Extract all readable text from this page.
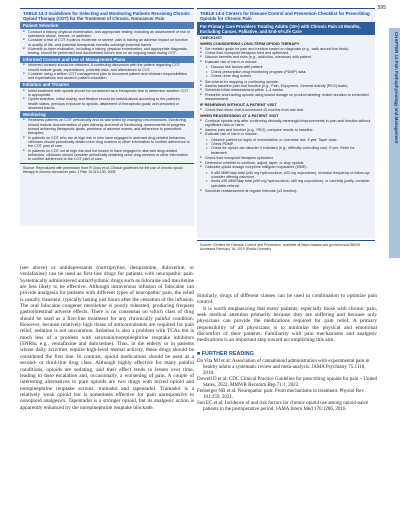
595
CHAPTER 14 Pain Pathophysiology and Management
TABLE 14-3 Guidelines for Selecting and Monitoring Patients Receiving Chronic Opioid Therapy (COT) for the Treatment of Chronic, Noncancer Pain
Patient Selection
■ Conduct a history, physical examination, and appropriate testing, including an assessment of risk of substance abuse, misuse, or addiction.
■ Consider a trial of COT if pain is moderate or severe, pain is having an adverse impact on function or quality of life, and potential therapeutic benefits outweigh potential harms.
■ A benefit-to-harm evaluation, including a history, physical examination, and appropriate diagnostic testing, should be performed and documented before and on an ongoing basis during COT.
Informed Consent and Use of Management Plans
■ Informed consent should be obtained. A continuing discussion with the patient regarding COT should include goals, expectations, potential risks, and alternatives to COT.
■ Consider using a written COT management plan to document patient and clinician responsibilities and expectations and assist in patient education.
Initiation and Titration
■ Initial treatment with opioids should be considered as a therapeutic trial to determine whether COT is appropriate.
■ Opioid selection, initial dosing, and titration should be individualized according to the patient's health status, previous exposure to opioids, attainment of therapeutic goals, and predicted or observed harms.
Monitoring
■ Reassess patients on COT periodically and as warranted by changing circumstances. Monitoring should include documentation of pain intensity and level of functioning, assessments of progress toward achieving therapeutic goals, presence of adverse events, and adherence to prescribed therapies.
■ In patients on COT who are at high risk or who have engaged in aberrant drug-related behaviors, clinicians should periodically obtain urine drug screens or other information to confirm adherence to the COT plan of care.
■ In patients on COT not at high risk and not known to have engaged in aberrant drug-related behaviors, clinicians should consider periodically obtaining urine drug screens or other information to confirm adherence to the COT plan of care.
Source: Reproduced with permission from R Chou et al. Clinical guidelines for the use of chronic opioid therapy in chronic noncancer pain. J Pain 10:113-130, 2009.
TABLE 14-4 Centers for Disease Control and Prevention Checklist for Prescribing Opioids for Chronic Pain
For Primary Care Providers Treating Adults (18+) with Chronic Pain ≥3 Months, Excluding Cancer, Palliative, and End-of-Life Care
CHECKLIST
WHEN CONSIDERING LONG-TERM OPIOID THERAPY
■ Set realistic goals for pain and function based on diagnosis (e.g., walk around the block).
■ Check that nonopioid therapies tried and optimized.
■ Discuss benefits and risks (e.g., addiction, overdose) with patient.
■ Evaluate risk of harm or misuse.
• Discuss risk factors with patient.
• Check prescription drug monitoring program (PDMP) data.
• Check urine drug screen.
■ Set criteria for stopping or continuing opioids.
■ Assess baseline pain and function (e.g., Pain, Enjoyment, General Activity [PEG] scale).
■ Schedule initial reassessment within 1–4 weeks.
■ Prescribe short-acting opioids using lowest dosage on product labeling; match duration to scheduled reassessment.
IF RENEWING WITHOUT A PATIENT VISIT
■ Check that return visit is scheduled ≤3 months from last visit.
WHEN REASSESSING AT A PATIENT VISIT
■ Continue opioids only after confirming clinically meaningful improvements in pain and function without significant risks or harm.
■ Assess pain and function (e.g., PEG); compare results to baseline.
■ Evaluate risk of harm or misuse:
• Observe patient for signs of oversedation or overdose risk. If yes: Taper dose.
• Check PDMP.
• Check for opioid use disorder if indicated (e.g., difficulty controlling use). If yes: Refer for treatment.
■ Check that nonopioid therapies optimized.
■ Determine whether to continue, adjust, taper, or stop opioids.
■ Calculate opioid dosage morphine milligram equivalent (MME).
• If ≥50 MME/day total (≥50 mg hydrocodone; ≥33 mg oxycodone), increase frequency of follow-up; consider offering naloxone.
• Avoid ≥90 MME/day total (≥90 mg hydrocodone; ≥60 mg oxycodone), or carefully justify; consider specialist referral.
■ Schedule reassessment at regular intervals (≤3 months).
Source: Centers for Disease Control and Prevention, available at https://stacks.cdc.gov/view/cdc/38025. Accessed February 16, 2019 (Public Domain).

(see above) or antidepressants (nortriptyline, desipramine, duloxetine, or venlafaxine) can be used as first-line drugs for patients with neuropathic pain. Systemically administered antiarrhythmic drugs such as lidocaine and mexiletine are less likely to be effective. Although intravenous infusion of lidocaine can provide analgesia for patients with different types of neuropathic pain, the relief is usually transient, typically lasting just hours after the cessation of the infusion. The oral lidocaine congener mexiletine is poorly tolerated, producing frequent gastrointestinal adverse effects. There is no consensus on which class of drug should be used as a first-line treatment for any chronically painful condition. However, because relatively high doses of anticonvulsants are required for pain relief, sedation is not uncommon. Sedation is also a problem with TCAs but is much less of a problem with serotonin/norepinephrine reuptake inhibitors (SNRIs; e.g., venlafaxine and duloxetine). Thus, in the elderly or in patients whose daily activities require high-level mental activity, these drugs should be considered the first line. In contrast, opioid medications should be used as a second- or third-line drug class. Although highly effective for many painful conditions, opioids are sedating, and their effect tends to lessen over time, leading to dose escalation and, occasionally, a worsening of pain. A couple of interesting alternatives to pure opioids are two drugs with mixed opioid and norepinephrine reuptake actions: tramadol and tapentadol. Tramadol is a relatively weak opioid but is sometimes effective for pain unresponsive to nonopioid analgesics. Tapentadol is a stronger opioid, but its analgesic action is apparently enhanced by the norepinephrine reuptake blockade.

Similarly, drugs of different classes can be used in combination to optimize pain control.

It is worth emphasizing that many patients, especially those with chronic pain, seek medical attention primarily because they are suffering and because only physicians can provide the medications required for pain relief. A primary responsibility of all physicians is to minimize the physical and emotional discomfort of their patients. Familiarity with pain mechanisms and analgesic medications is an important step toward accomplishing this aim.

■ FURTHER READING

Da Vita MJ et al: Association of cannabinoid administration with experimental pain in healthy adults a systematic review and meta-analysis. JAMA Psychiatry 75:1118, 2018.

Dowell D et al: CDC Clinical Practice Guideline for prescribing opioids for pain – United States, 2022. MMWR Recomm Rep 71:1, 2022.

Fenberger NB et al: Neuropathic pain: From mechanisms to treatment. Physiol Rev 101:259, 2021.

Sun EC et al: Incidence of and risk factors for chronic opioid use among opioid-naive patients in the postoperative period. JAMA Intern Med 176:1286, 2016.
